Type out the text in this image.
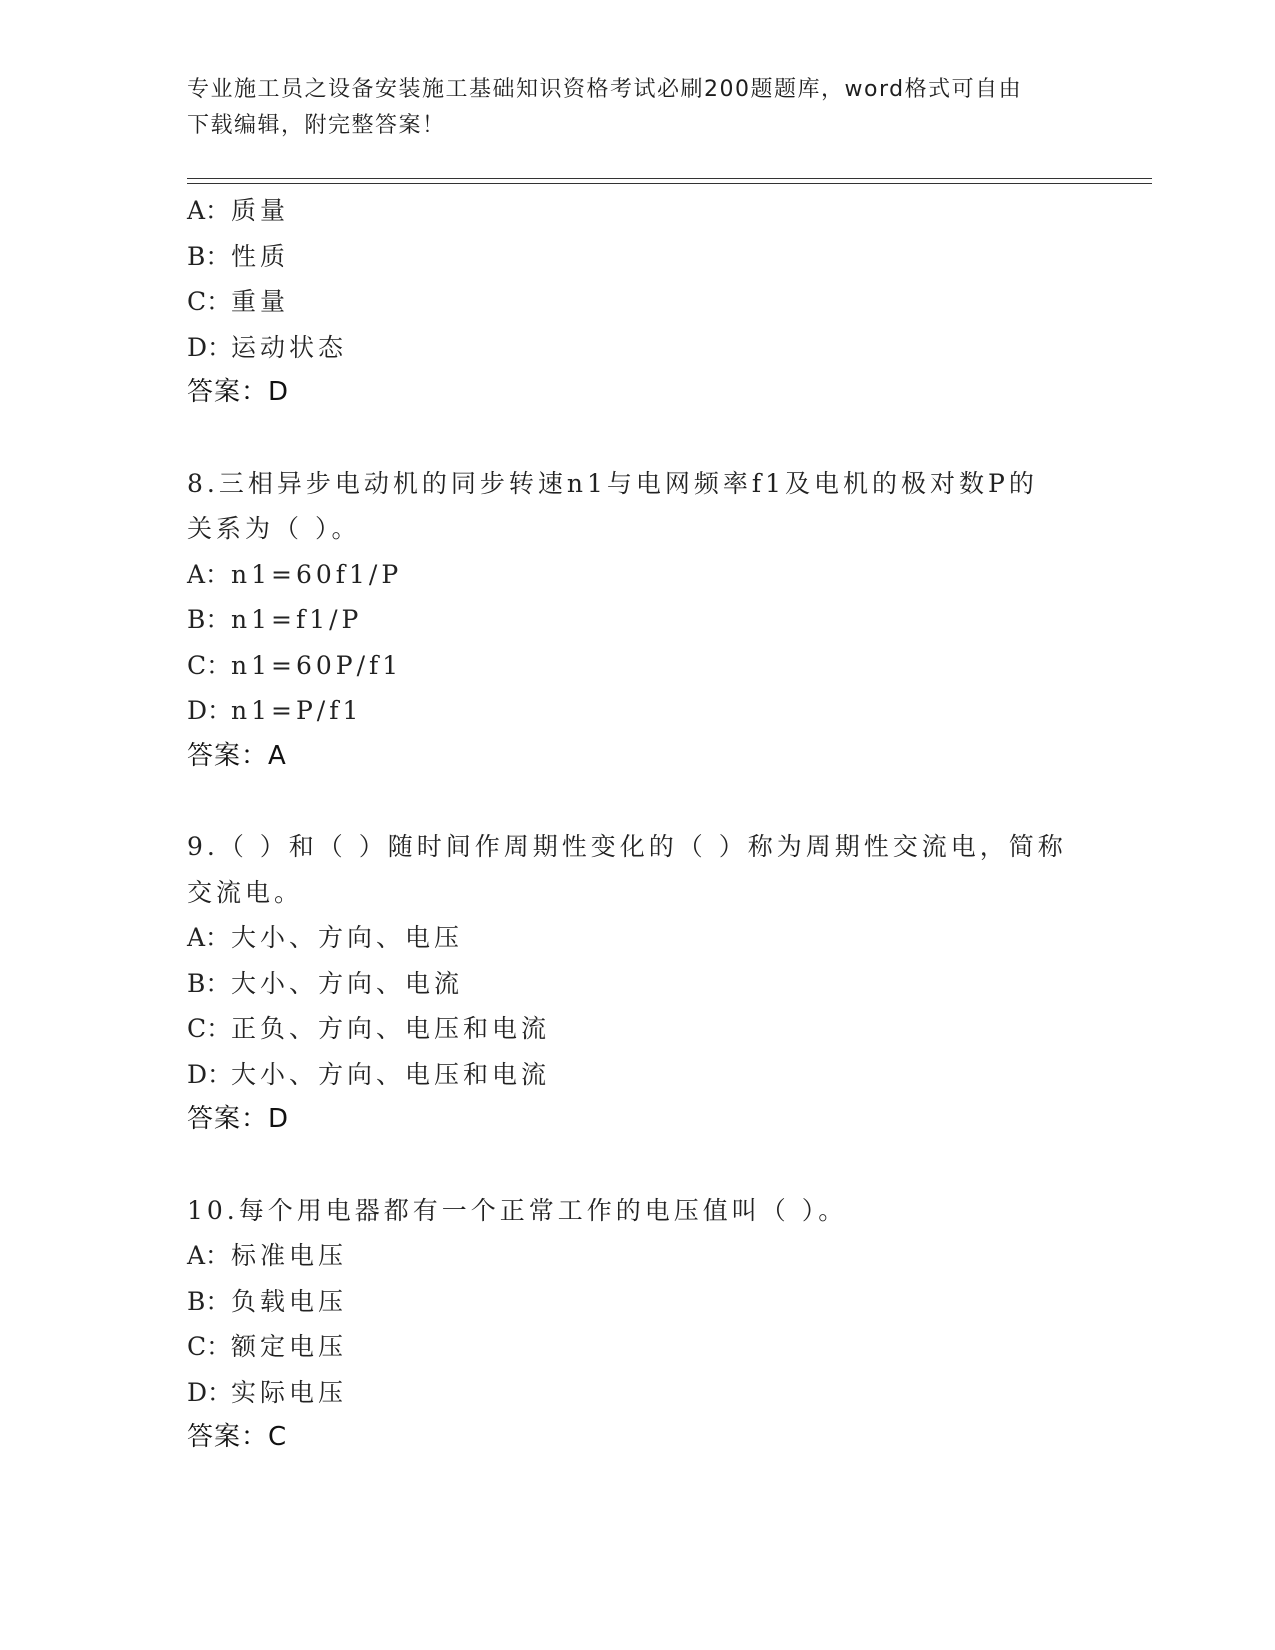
专业施工员之设备安装施工基础知识资格考试必刷200题题库，word格式可自由
下载编辑，附完整答案！
A：质量
B：性质
C：重量
D：运动状态
答案：D
8.三相异步电动机的同步转速n1与电网频率f1及电机的极对数P的
关系为（ ）。
A：n1=60f1/P
B：n1=f1/P
C：n1=60P/f1
D：n1=P/f1
答案：A
9.（ ）和（ ）随时间作周期性变化的（ ）称为周期性交流电，简称
交流电。
A：大小、方向、电压
B：大小、方向、电流
C：正负、方向、电压和电流
D：大小、方向、电压和电流
答案：D
10.每个用电器都有一个正常工作的电压值叫（ ）。
A：标准电压
B：负载电压
C：额定电压
D：实际电压
答案：C
